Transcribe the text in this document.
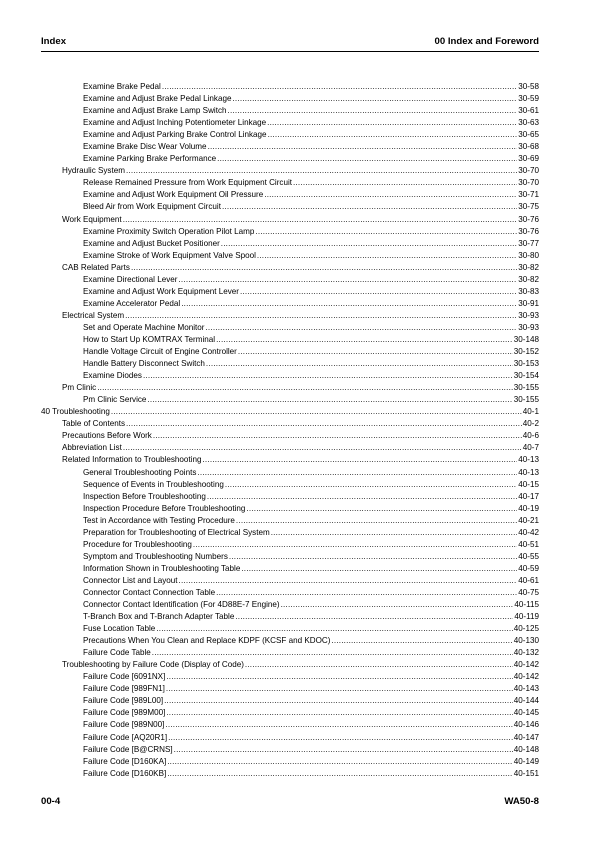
Index	00 Index and Foreword
Examine Brake Pedal .....	30-58
Examine and Adjust Brake Pedal Linkage .....	30-59
Examine and Adjust Brake Lamp Switch .....	30-61
Examine and Adjust Inching Potentiometer Linkage .....	30-63
Examine and Adjust Parking Brake Control Linkage .....	30-65
Examine Brake Disc Wear Volume .....	30-68
Examine Parking Brake Performance .....	30-69
Hydraulic System .....	30-70
Release Remained Pressure from Work Equipment Circuit .....	30-70
Examine and Adjust Work Equipment Oil Pressure .....	30-71
Bleed Air from Work Equipment Circuit .....	30-75
Work Equipment .....	30-76
Examine Proximity Switch Operation Pilot Lamp .....	30-76
Examine and Adjust Bucket Positioner .....	30-77
Examine Stroke of Work Equipment Valve Spool .....	30-80
CAB Related Parts .....	30-82
Examine Directional Lever .....	30-82
Examine and Adjust Work Equipment Lever .....	30-83
Examine Accelerator Pedal .....	30-91
Electrical System .....	30-93
Set and Operate Machine Monitor .....	30-93
How to Start Up KOMTRAX Terminal .....	30-148
Handle Voltage Circuit of Engine Controller .....	30-152
Handle Battery Disconnect Switch .....	30-153
Examine Diodes .....	30-154
Pm Clinic .....	30-155
Pm Clinic Service .....	30-155
40 Troubleshooting .....	40-1
Table of Contents .....	40-2
Precautions Before Work .....	40-6
Abbreviation List .....	40-7
Related Information to Troubleshooting .....	40-13
General Troubleshooting Points .....	40-13
Sequence of Events in Troubleshooting .....	40-15
Inspection Before Troubleshooting .....	40-17
Inspection Procedure Before Troubleshooting .....	40-19
Test in Accordance with Testing Procedure .....	40-21
Preparation for Troubleshooting of Electrical System .....	40-42
Procedure for Troubleshooting .....	40-51
Symptom and Troubleshooting Numbers .....	40-55
Information Shown in Troubleshooting Table .....	40-59
Connector List and Layout .....	40-61
Connector Contact Connection Table .....	40-75
Connector Contact Identification (For 4D88E-7 Engine) .....	40-115
T-Branch Box and T-Branch Adapter Table .....	40-119
Fuse Location Table .....	40-125
Precautions When You Clean and Replace KDPF (KCSF and KDOC) .....	40-130
Failure Code Table .....	40-132
Troubleshooting by Failure Code (Display of Code) .....	40-142
Failure Code [6091NX] .....	40-142
Failure Code [989FN1] .....	40-143
Failure Code [989L00] .....	40-144
Failure Code [989M00] .....	40-145
Failure Code [989N00] .....	40-146
Failure Code [AQ20R1] .....	40-147
Failure Code [B@CRNS] .....	40-148
Failure Code [D160KA] .....	40-149
Failure Code [D160KB] .....	40-151
00-4	WA50-8
